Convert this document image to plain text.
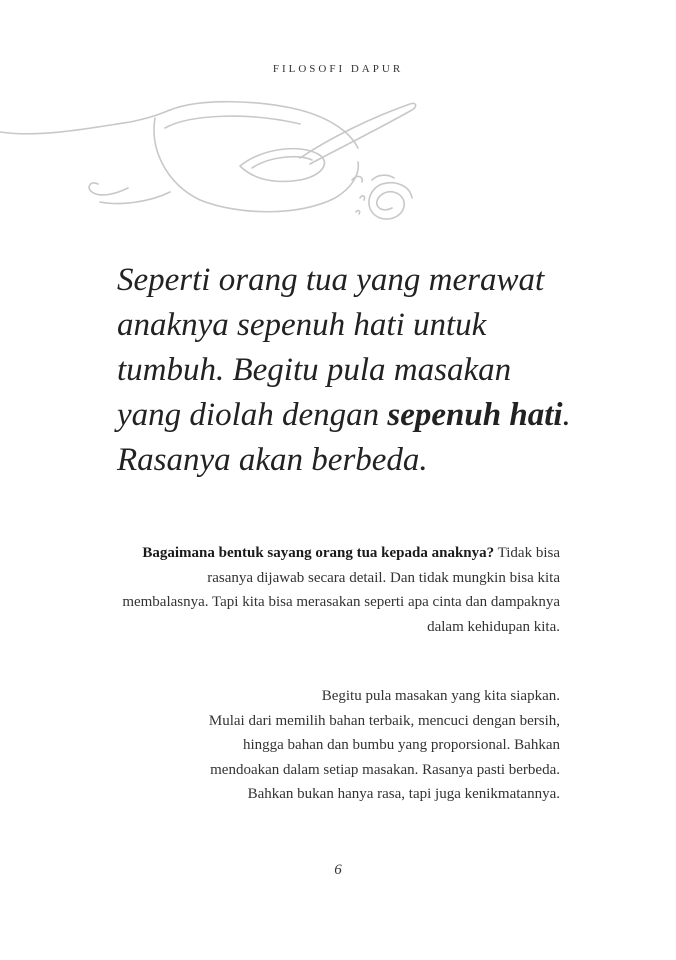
FILOSOFI DAPUR

Seperti orang tua yang merawat
anaknya sepenuh hati untuk
tumbuh. Begitu pula masakan
yang diolah dengan sepenuh hati.
Rasanya akan berbeda.

Bagaimana bentuk sayang orang tua kepada anaknya? Tidak bisa rasanya dijawab secara detail. Dan tidak mungkin bisa kita membalasnya. Tapi kita bisa merasakan seperti apa cinta dan dampaknya dalam kehidupan kita.

Begitu pula masakan yang kita siapkan.
Mulai dari memilih bahan terbaik, mencuci dengan bersih,
hingga bahan dan bumbu yang proporsional. Bahkan
mendoakan dalam setiap masakan. Rasanya pasti berbeda.
Bahkan bukan hanya rasa, tapi juga kenikmatannya.

6
